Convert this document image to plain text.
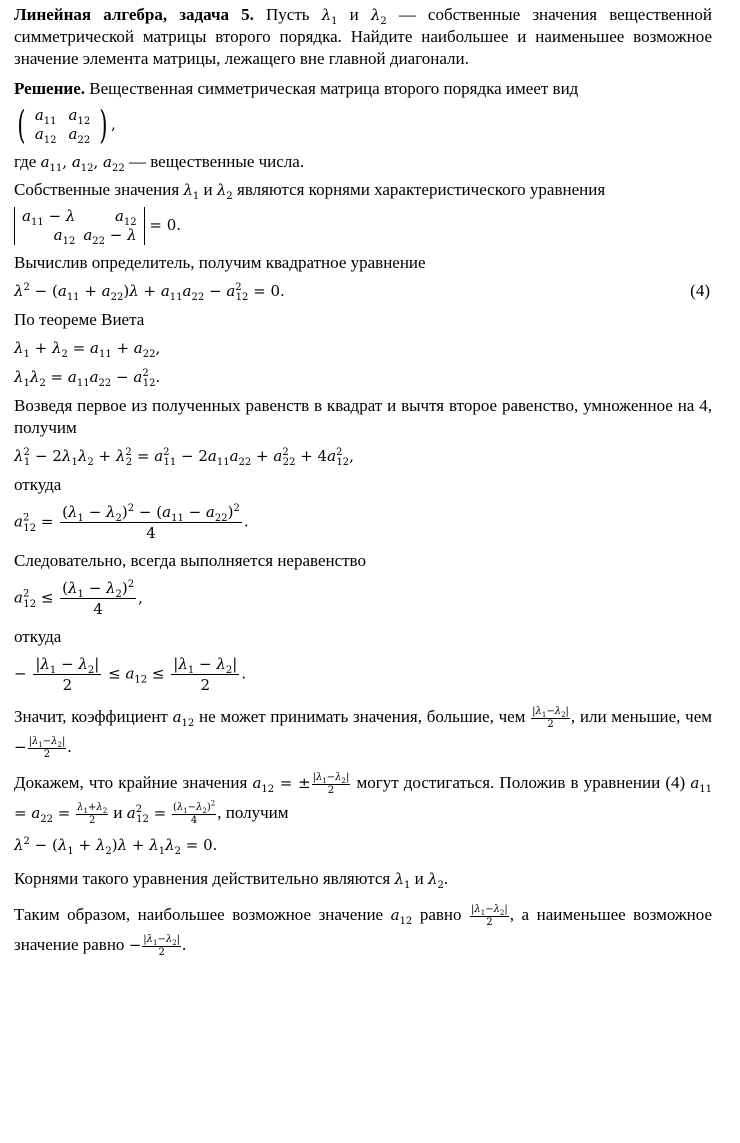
Линейная алгебра, задача 5. Пусть $\lambda_1$ и $\lambda_2$ — собственные значения вещественной симметрической матрицы второго порядка. Найдите наибольшее и наименьшее возможное значение элемента матрицы, лежащего вне главной диагонали.

Решение. Вещественная симметрическая матрица второго порядка имеет вид

( $a_{11}$	$a_{12}$
$a_{12}$	$a_{22}$ ) ,

где $a_{11}$, $a_{12}$, $a_{22}$ — вещественные числа.

Собственные значения $\lambda_1$ и $\lambda_2$ являются корнями характеристического уравнения

$a_{11} - \lambda$	$a_{12}$
$a_{12}$	$a_{22} - \lambda$
= 0.

Вычислив определитель, получим квадратное уравнение

$\lambda^2 - (a_{11} + a_{22})\lambda + a_{11}a_{22} - a^2_{12} = 0$.	(4)

По теореме Виета

$\lambda_1 + \lambda_2 = a_{11} + a_{22}$,
$\lambda_1\lambda_2 = a_{11}a_{22} - a^2_{12}$.

Возведя первое из полученных равенств в квадрат и вычтя второе равенство, умноженное на 4, получим

$\lambda^2_1 - 2\lambda_1\lambda_2 + \lambda^2_2 = a^2_{11} - 2a_{11}a_{22} + a^2_{22} + 4a^2_{12}$,

откуда

$a^2_{12} = \frac{(\lambda_1 - \lambda_2)^2 - (a_{11} - a_{22})^2}{4}$ .

Следовательно, всегда выполняется неравенство

$a^2_{12} \le \frac{(\lambda_1 - \lambda_2)^2}{4}$ ,

откуда

− $\frac{|\lambda_1 - \lambda_2|}{2} \le a_{12} \le \frac{|\lambda_1 - \lambda_2|}{2}$ .

Значит, коэффициент $a_{12}$ не может принимать значения, большие, чем $\frac{|\lambda_1-\lambda_2|}{2}$ , или меньшие, чем − $\frac{|\lambda_1-\lambda_2|}{2}$ .

Докажем, что крайние значения $a_{12}$ = ± $\frac{|\lambda_1-\lambda_2|}{2}$ могут достигаться. Положив в уравнении (4) $a_{11} = a_{22} = \frac{\lambda_1+\lambda_2}{2}$ и $a^2_{12} = \frac{(\lambda_1-\lambda_2)^2}{4}$ , получим

$\lambda^2 - (\lambda_1 + \lambda_2)\lambda + \lambda_1\lambda_2 = 0$.

Корнями такого уравнения действительно являются $\lambda_1$ и $\lambda_2$.

Таким образом, наибольшее возможное значение $a_{12}$ равно $\frac{|\lambda_1-\lambda_2|}{2}$ , а наименьшее возможное значение равно − $\frac{|\lambda_1-\lambda_2|}{2}$ .
